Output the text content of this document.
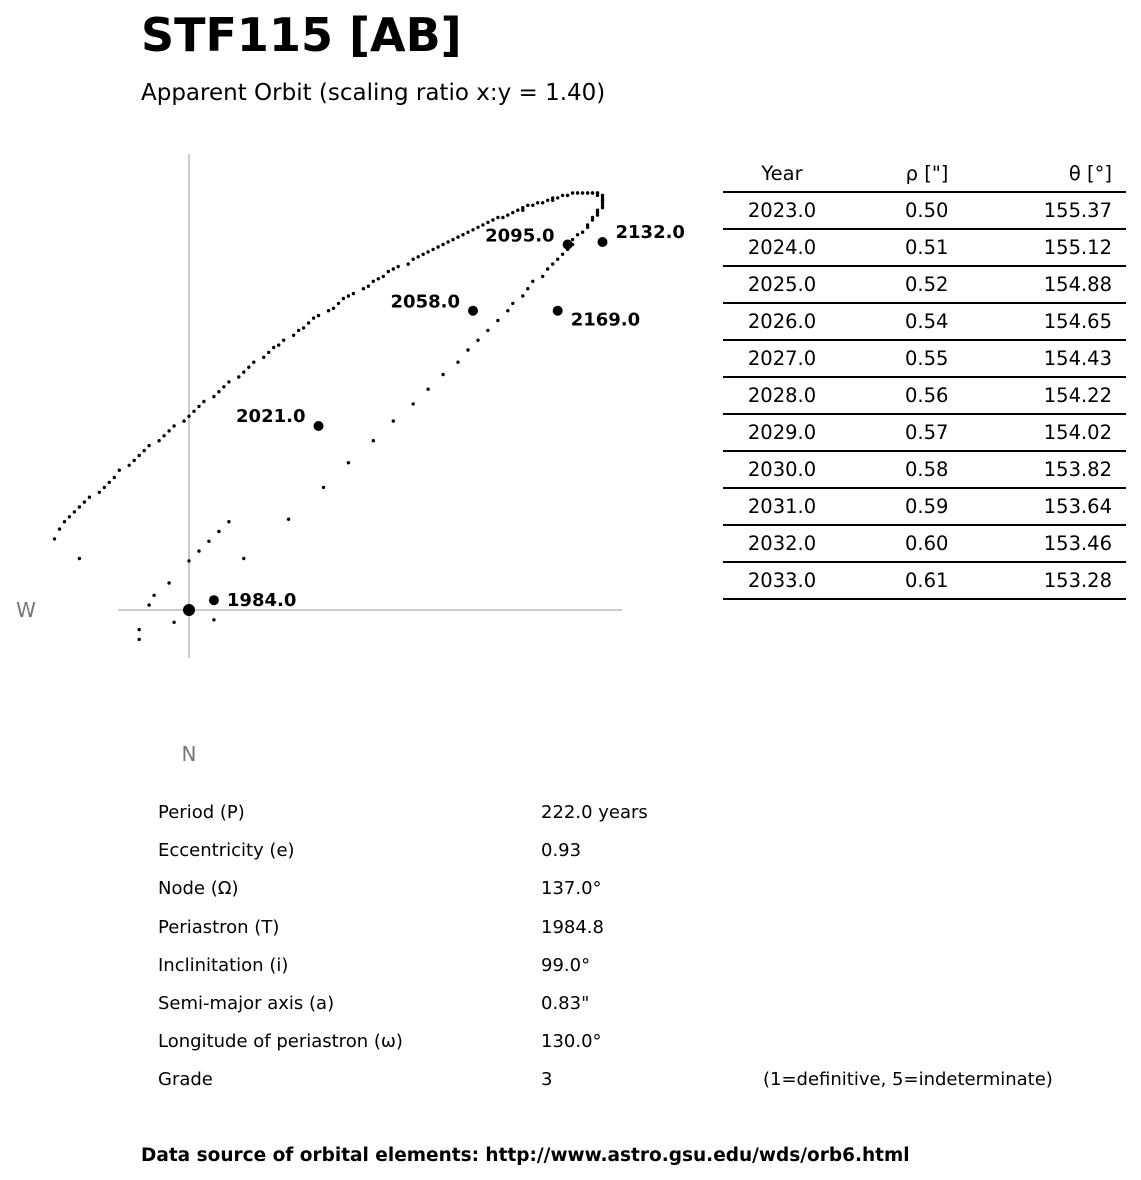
STF115 [AB]
Apparent Orbit (scaling ratio x:y = 1.40)
W
N
1984.0
2021.0
2058.0
2095.0	2132.0
2169.0
Year	ρ ["]	θ [°]
2023.0	0.50	155.37
2024.0	0.51	155.12
2025.0	0.52	154.88
2026.0	0.54	154.65
2027.0	0.55	154.43
2028.0	0.56	154.22
2029.0	0.57	154.02
2030.0	0.58	153.82
2031.0	0.59	153.64
2032.0	0.60	153.46
2033.0	0.61	153.28
Period (P)	222.0 years
Eccentricity (e)	0.93
Node (Ω)	137.0°
Periastron (T)	1984.8
Inclinitation (i)	99.0°
Semi-major axis (a)	0.83"
Longitude of periastron (ω)	130.0°
Grade	3	(1=definitive, 5=indeterminate)
Data source of orbital elements: http://www.astro.gsu.edu/wds/orb6.html
